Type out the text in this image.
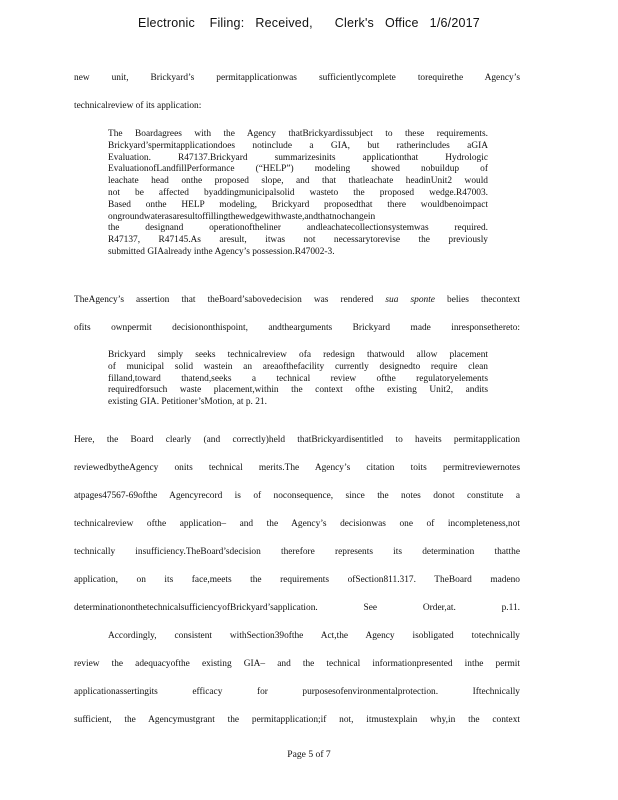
Electronic    Filing:   Received,      Clerk's   Office   1/6/2017
new unit, Brickyard’s permitapplicationwas sufficientlycomplete torequirethe Agency’s
technicalreview of its application:
The Boardagrees with the Agency thatBrickyardissubject to these requirements.
Brickyard’spermitapplicationdoes notinclude a GIA, but ratherincludes aGIA
Evaluation. R47137.Brickyard summarizesinits applicationthat Hydrologic
EvaluationofLandfillPerformance (“HELP”) modeling showed nobuildup of
leachate head onthe proposed slope, and that thatleachate headinUnit2 would
not be affected byaddingmunicipalsolid wasteto the proposed wedge.R47003.
Based onthe HELP modeling, Brickyard proposedthat there wouldbenoimpact
ongroundwaterasaresultoffillingthewedgewithwaste,andthatnochangein
the designand operationoftheliner andleachatecollectionsystemwas required.
R47137, R47145.As aresult, itwas not necessarytorevise the previously
submitted GIAalready inthe Agency’s possession.R47002-3.
TheAgency’s assertion that theBoard’sabovedecision was rendered sua sponte belies thecontext
ofits ownpermit decisiononthispoint, andthearguments Brickyard made inresponsethereto:
Brickyard simply seeks technicalreview ofa redesign thatwould allow placement
of municipal solid wastein an areaofthefacility currently designedto require clean
filland,toward thatend,seeks a technical review ofthe regulatoryelements
requiredforsuch waste placement,within the context ofthe existing Unit2, andits
existing GIA. Petitioner’sMotion, at p. 21.
Here, the Board clearly (and correctly)held thatBrickyardisentitled to haveits permitapplication
reviewedbytheAgency onits technical merits.The Agency’s citation toits permitreviewernotes
atpages47567-69ofthe Agencyrecord is of noconsequence, since the notes donot constitute a
technicalreview ofthe application– and the Agency’s decisionwas one of incompleteness,not
technically insufficiency.TheBoard’sdecision therefore represents its determination thatthe
application, on its face,meets the requirements ofSection811.317. TheBoard madeno
determinationonthetechnicalsufficiencyofBrickyard’sapplication. See Order,at. p.11.
Accordingly, consistent withSection39ofthe Act,the Agency isobligated totechnically
review the adequacyofthe existing GIA– and the technical informationpresented inthe permit
applicationassertingits efficacy for purposesofenvironmentalprotection. Iftechnically
sufficient, the Agencymustgrant the permitapplication;if not, itmustexplain why,in the context
Page 5 of 7
